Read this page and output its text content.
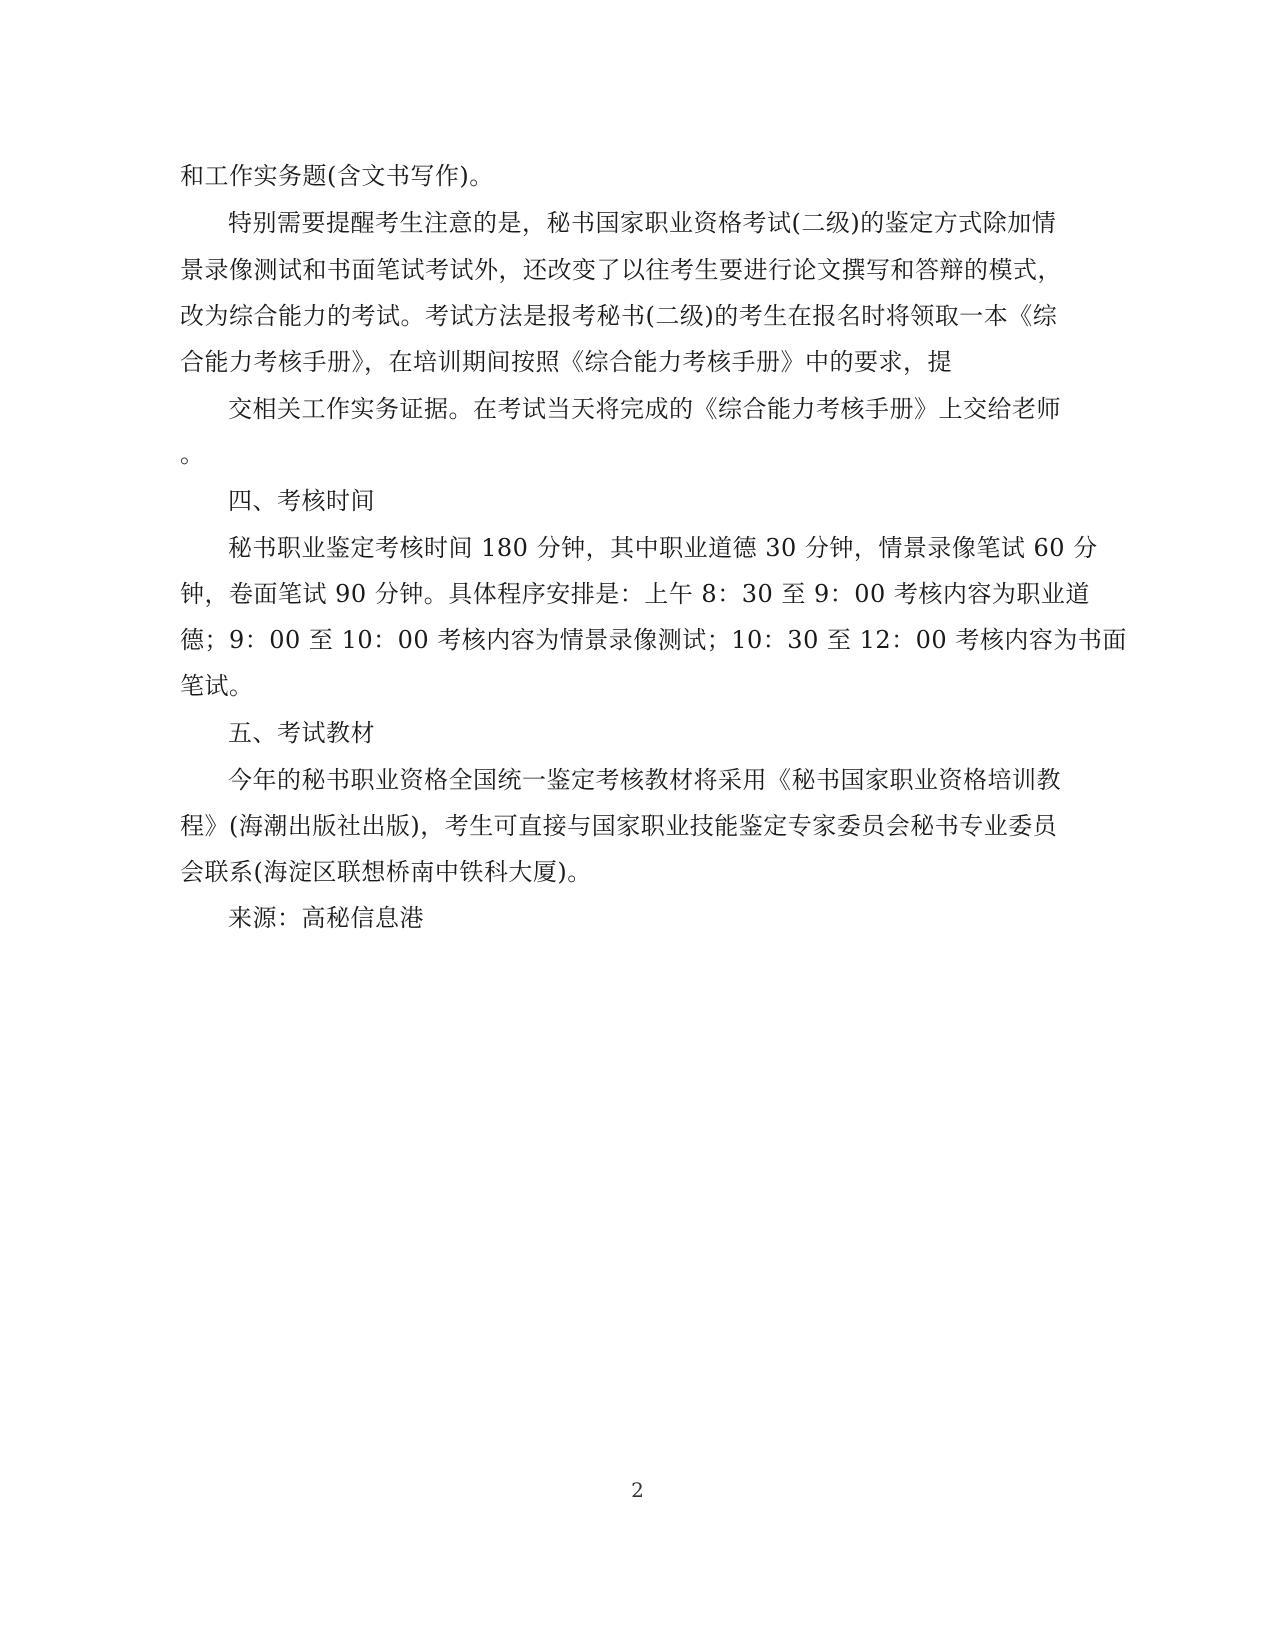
和工作实务题(含文书写作)。
特别需要提醒考生注意的是，秘书国家职业资格考试(二级)的鉴定方式除加情
景录像测试和书面笔试考试外，还改变了以往考生要进行论文撰写和答辩的模式，
改为综合能力的考试。考试方法是报考秘书(二级)的考生在报名时将领取一本《综
合能力考核手册》，在培训期间按照《综合能力考核手册》中的要求，提
交相关工作实务证据。在考试当天将完成的《综合能力考核手册》上交给老师
。
四、考核时间
秘书职业鉴定考核时间 180 分钟，其中职业道德 30 分钟，情景录像笔试 60 分
钟，卷面笔试 90 分钟。具体程序安排是：上午 8：30 至 9：00 考核内容为职业道
德；9：00 至 10：00 考核内容为情景录像测试；10：30 至 12：00 考核内容为书面
笔试。
五、考试教材
今年的秘书职业资格全国统一鉴定考核教材将采用《秘书国家职业资格培训教
程》(海潮出版社出版)，考生可直接与国家职业技能鉴定专家委员会秘书专业委员
会联系(海淀区联想桥南中铁科大厦)。
来源：高秘信息港
2
